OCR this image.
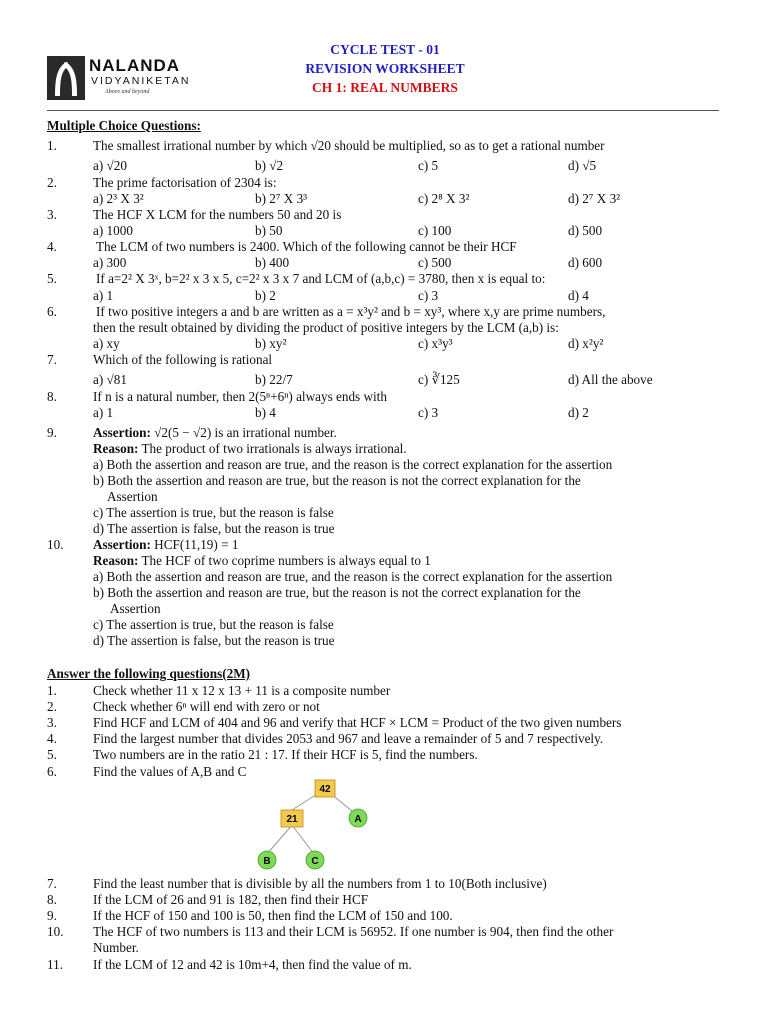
NALANDA
VIDYANIKETAN
Above and beyond
CYCLE TEST - 01
REVISION WORKSHEET
CH 1: REAL NUMBERS
Multiple Choice Questions:
1.	The smallest irrational number by which √20 should be multiplied, so as to get a rational number
a) √20	b) √2	c) 5	d) √5
2.	The prime factorisation of 2304 is:
a) 2³ X 3²	b) 2⁷ X 3³	c) 2⁸ X 3²	d) 2⁷ X 3²
3.	The HCF X LCM for the numbers 50 and 20 is
a) 1000	b) 50	c) 100	d) 500
4.	The LCM of two numbers is 2400. Which of the following cannot be their HCF
a) 300	b) 400	c) 500	d) 600
5.	If a=2² X 3ˣ, b=2² x 3 x 5, c=2² x 3 x 7 and LCM of (a,b,c) = 3780, then x is equal to:
a) 1	b) 2	c) 3	d) 4
6.	If two positive integers a and b are written as a = x³y² and b = xy³, where x,y are prime numbers,
then the result obtained by dividing the product of positive integers by the LCM (a,b) is:
a) xy	b) xy²	c) x³y³	d) x²y²
7.	Which of the following is rational
a) √81	b) 22/7	c) ∛125	d) All the above
8.	If n is a natural number, then 2(5ⁿ+6ⁿ) always ends with
a) 1	b) 4	c) 3	d) 2
9.	Assertion: √2(5 − √2) is an irrational number.
Reason: The product of two irrationals is always irrational.
a) Both the assertion and reason are true, and the reason is the correct explanation for the assertion
b) Both the assertion and reason are true, but the reason is not the correct explanation for the
Assertion
c) The assertion is true, but the reason is false
d) The assertion is false, but the reason is true
10. Assertion: HCF(11,19) = 1
Reason: The HCF of two coprime numbers is always equal to 1
a) Both the assertion and reason are true, and the reason is the correct explanation for the assertion
b) Both the assertion and reason are true, but the reason is not the correct explanation for the
Assertion
c) The assertion is true, but the reason is false
d) The assertion is false, but the reason is true
Answer the following questions(2M)
1.	Check whether 11 x 12 x 13 + 11 is a composite number
2.	Check whether 6ⁿ will end with zero or not
3.	Find HCF and LCM of 404 and 96 and verify that HCF × LCM = Product of the two given numbers
4.	Find the largest number that divides 2053 and 967 and leave a remainder of 5 and 7 respectively.
5.	Two numbers are in the ratio 21 : 17. If their HCF is 5, find the numbers.
6.	Find the values of A,B and C
42
21	A
B	C
7.	Find the least number that is divisible by all the numbers from 1 to 10(Both inclusive)
8.	If the LCM of 26 and 91 is 182, then find their HCF
9.	If the HCF of 150 and 100 is 50, then find the LCM of 150 and 100.
10. The HCF of two numbers is 113 and their LCM is 56952. If one number is 904, then find the other
Number.
11. If the LCM of 12 and 42 is 10m+4, then find the value of m.
